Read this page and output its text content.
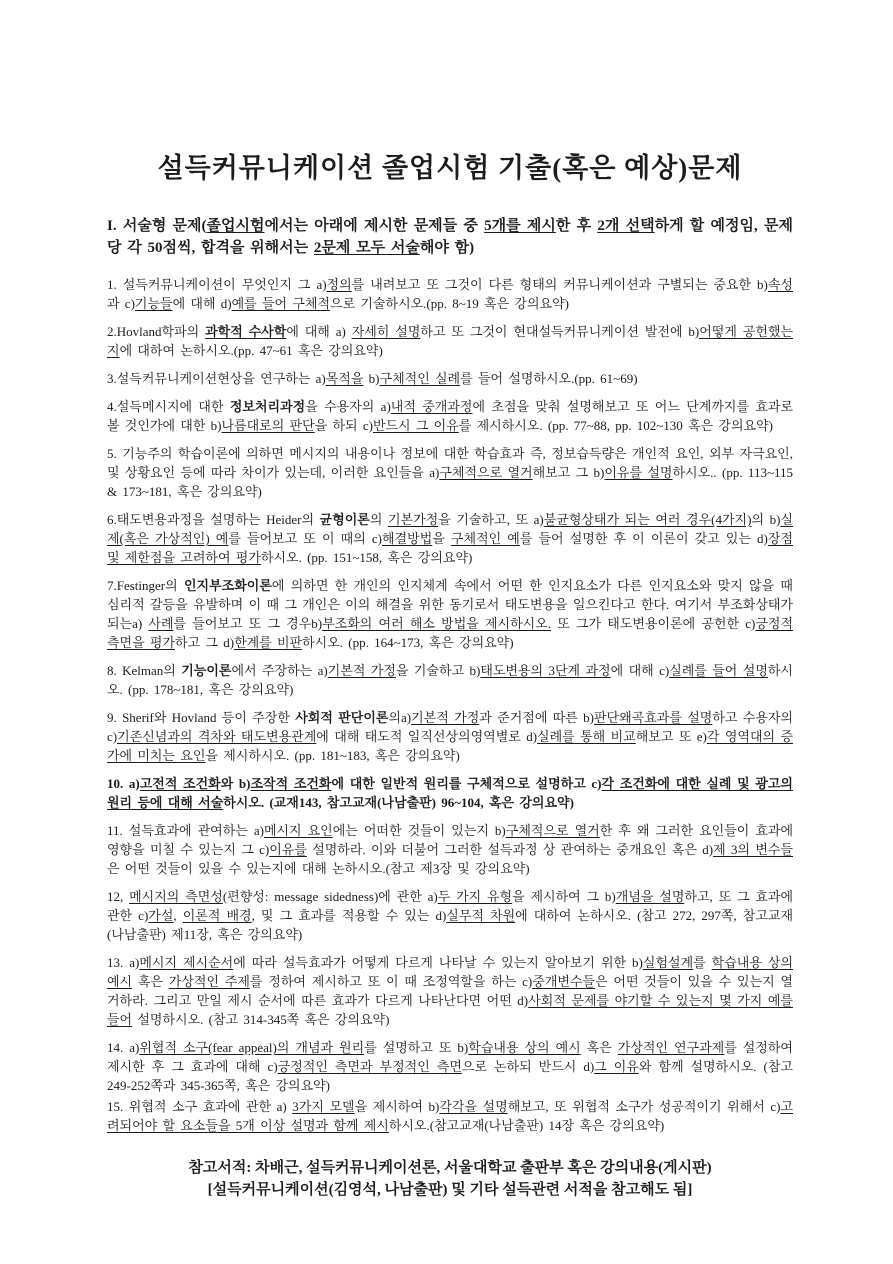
설득커뮤니케이션 졸업시험 기출(혹은 예상)문제

I. 서술형 문제(졸업시험에서는 아래에 제시한 문제들 중 5개를 제시한 후 2개 선택하게 할 예정임, 문제 당 각 50점씩, 합격을 위해서는 2문제 모두 서술해야 함)

1. 설득커뮤니케이션이 무엇인지 그 a)정의를 내려보고 또 그것이 다른 형태의 커뮤니케이션과 구별되는 중요한 b)속성과 c)기능들에 대해 d)예를 들어 구체적으로 기술하시오.(pp. 8~19 혹은 강의요약)

2.Hovland학파의 과학적 수사학에 대해 a) 자세히 설명하고 또 그것이 현대설득커뮤니케이션 발전에 b)어떻게 공헌했는지에 대하여 논하시오.(pp. 47~61 혹은 강의요약)

3.설득커뮤니케이션현상을 연구하는 a)목적을 b)구체적인 실례를 들어 설명하시오.(pp. 61~69)

4.설득메시지에 대한 정보처리과정을 수용자의 a)내적 중개과정에 초점을 맞춰 설명해보고 또 어느 단계까지를 효과로 볼 것인가에 대한 b)나름대로의 판단을 하되 c)반드시 그 이유를 제시하시오. (pp. 77~88, pp. 102~130 혹은 강의요약)

5. 기능주의 학습이론에 의하면 메시지의 내용이나 정보에 대한 학습효과 즉, 정보습득량은 개인적 요인, 외부 자극요인, 및 상황요인 등에 따라 차이가 있는데, 이러한 요인들을 a)구체적으로 열거해보고 그 b)이유를 설명하시오.. (pp. 113~115 & 173~181, 혹은 강의요약)

6.태도변용과정을 설명하는 Heider의 균형이론의 기본가정을 기술하고, 또 a)불균형상태가 되는 여러 경우(4가지)의 b)실제(혹은 가상적인) 예를 들어보고 또 이 때의 c)해결방법을 구체적인 예를 들어 설명한 후 이 이론이 갖고 있는 d)장점 및 제한점을 고려하여 평가하시오. (pp. 151~158, 혹은 강의요약)

7.Festinger의 인지부조화이론에 의하면 한 개인의 인지체계 속에서 어떤 한 인지요소가 다른 인지요소와 맞지 않을 때 심리적 갈등을 유발하며 이 때 그 개인은 이의 해결을 위한 동기로서 태도변용을 일으킨다고 한다. 여기서 부조화상태가 되는a) 사례를 들어보고 또 그 경우b)부조화의 여러 해소 방법을 제시하시오. 또 그가 태도변용이론에 공헌한 c)긍정적 측면을 평가하고 그 d)한계를 비판하시오. (pp. 164~173, 혹은 강의요약)

8. Kelman의 기능이론에서 주장하는 a)기본적 가정을 기술하고 b)태도변용의 3단계 과정에 대해 c)실례를 들어 설명하시오. (pp. 178~181, 혹은 강의요약)

9. Sherif와 Hovland 등이 주장한 사회적 판단이론의a)기본적 가정과 준거점에 따른 b)판단왜곡효과를 설명하고 수용자의 c)기존신념과의 격차와 태도변용관계에 대해 태도적 일직선상의영역별로 d)실례를 통해 비교해보고 또 e)각 영역대의 증가에 미치는 요인을 제시하시오. (pp. 181~183, 혹은 강의요약)

10. a)고전적 조건화와 b)조작적 조건화에 대한 일반적 원리를 구체적으로 설명하고 c)각 조건화에 대한 실례 및 광고의 원리 등에 대해 서술하시오. (교재143, 참고교재(나남출판) 96~104, 혹은 강의요약)

11. 설득효과에 관여하는 a)메시지 요인에는 어떠한 것들이 있는지 b)구체적으로 열거한 후 왜 그러한 요인들이 효과에 영향을 미칠 수 있는지 그 c)이유를 설명하라. 이와 더불어 그러한 설득과정 상 관여하는 중개요인 혹은 d)제 3의 변수들은 어떤 것들이 있을 수 있는지에 대해 논하시오.(참고 제3장 및 강의요약)

12, 메시지의 측면성(편향성: message sidedness)에 관한 a)두 가지 유형을 제시하여 그 b)개념을 설명하고, 또 그 효과에 관한 c)가설, 이론적 배경, 및 그 효과를 적용할 수 있는 d)실무적 차원에 대하여 논하시오. (참고 272, 297쪽, 참고교재(나남출판) 제11장, 혹은 강의요약)

13. a)메시지 제시순서에 따라 설득효과가 어떻게 다르게 나타날 수 있는지 알아보기 위한 b)실험설계를 학습내용 상의 예시 혹은 가상적인 주제를 정하여 제시하고 또 이 때 조정역할을 하는 c)중개변수들은 어떤 것들이 있을 수 있는지 열거하라. 그리고 만일 제시 순서에 따른 효과가 다르게 나타난다면 어떤 d)사회적 문제를 야기할 수 있는지 몇 가지 예를 들어 설명하시오. (참고 314-345쪽 혹은 강의요약)

14. a)위협적 소구(fear appeal)의 개념과 원리를 설명하고 또 b)학습내용 상의 예시 혹은 가상적인 연구과제를 설정하여 제시한 후 그 효과에 대해 c)긍정적인 측면과 부정적인 측면으로 논하되 반드시 d)그 이유와 함께 설명하시오. (참고 249-252쪽과 345-365쪽, 혹은 강의요약)

15. 위협적 소구 효과에 관한 a) 3가지 모델을 제시하여 b)각각을 설명해보고, 또 위협적 소구가 성공적이기 위해서 c)고려되어야 할 요소들을 5개 이상 설명과 함께 제시하시오.(참고교재(나남출판) 14장 혹은 강의요약)

참고서적: 차배근, 설득커뮤니케이션론, 서울대학교 출판부 혹은 강의내용(게시판)
[설득커뮤니케이션(김영석, 나남출판) 및 기타 설득관련 서적을 참고해도 됨]
